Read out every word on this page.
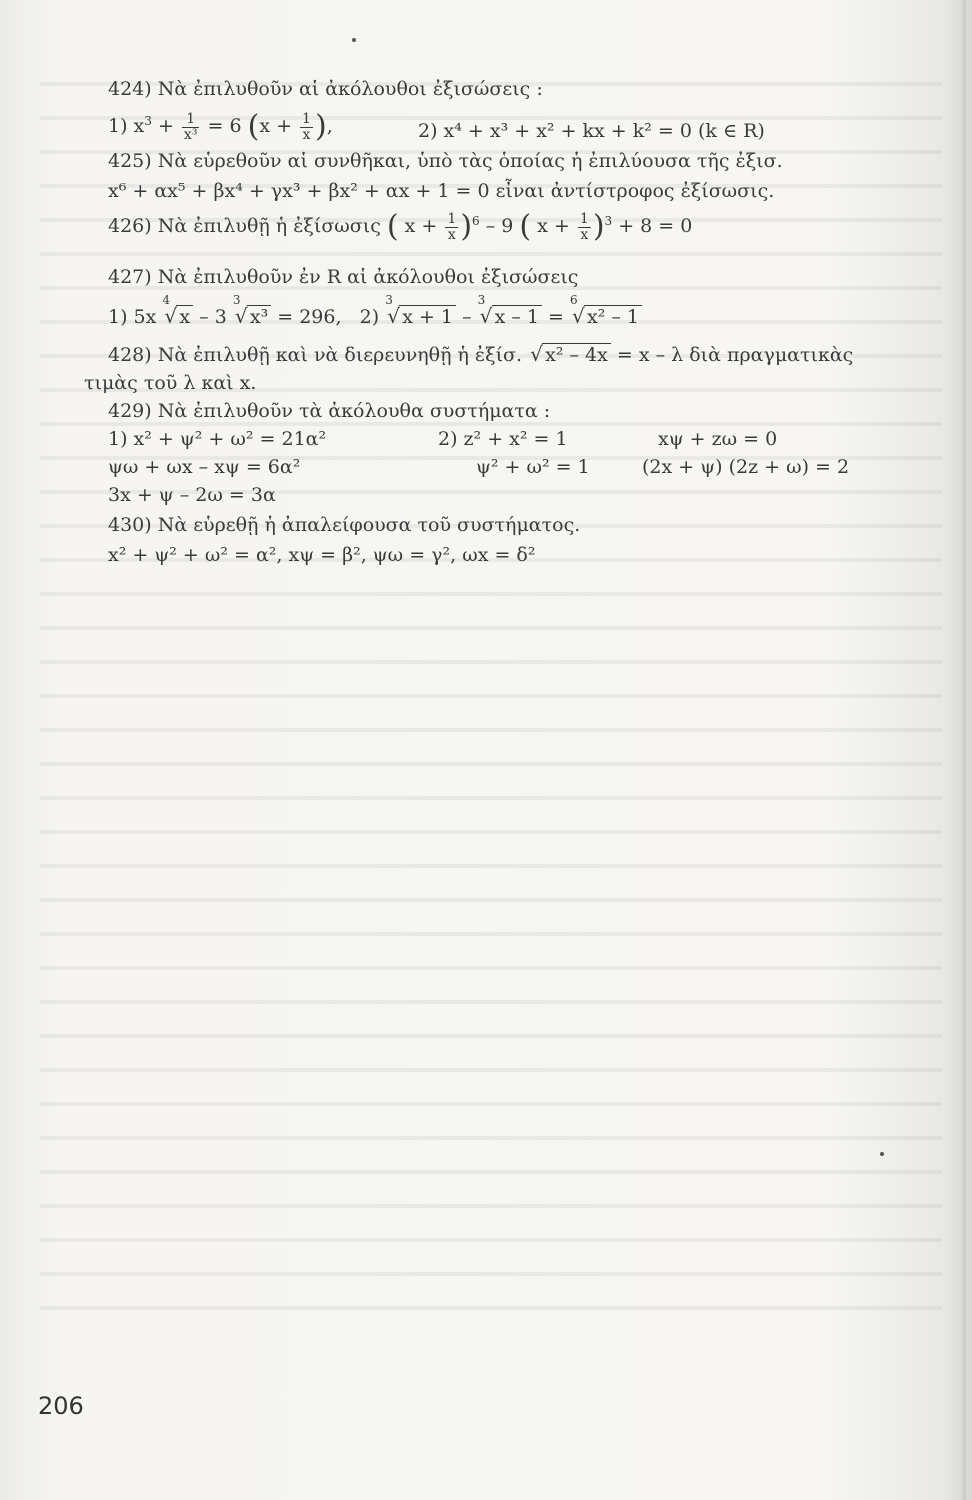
424) Νὰ ἐπιλυθοῦν αἱ ἀκόλουθοι ἐξισώσεις :
1) $x^3 + \frac{1}{\text{x³}} = 6$ ($x + \frac{1}{x}$ ),	2) x⁴ + x³ + x² + kx + k² = 0 (k ∈ R)
425) Νὰ εὑρεθοῦν αἱ συνθῆκαι, ὑπὸ τὰς ὁποίας ἡ ἐπιλύουσα τῆς ἐξισ.
x⁶ + αx⁵ + βx⁴ + γx³ + βx² + αx + 1 = 0 εἶναι ἀντίστροφος ἐξίσωσις.
426) Νὰ ἐπιλυθῇ ἡ ἐξίσωσις ( $x + \frac{1}{x} )^6 - 9$ ( $x + \frac{1}{x} )^3 + 8 = 0$
427) Νὰ ἐπιλυθοῦν ἐν R αἱ ἀκόλουθοι ἐξισώσεις
1) 5x
4
√ x – 3
3
√ x³ = 296, 2)
3
√ x + 1 –
3
√ x – 1 =
6
√ x² – 1
428) Νὰ ἐπιλυθῇ καὶ νὰ διερευνηθῇ ἡ ἐξίσ. √ x² – 4x = x – λ διὰ πραγματικὰς
τιμὰς τοῦ λ καὶ x.
429) Νὰ ἐπιλυθοῦν τὰ ἀκόλουθα συστήματα :
1) x² + ψ² + ω² = 21α²
ψω + ωx – xψ = 6α²
3x + ψ – 2ω = 3α
2) z² + x² = 1
ψ² + ω² = 1
xψ + zω = 0
(2x + ψ) (2z + ω) = 2
430) Νὰ εὑρεθῇ ἡ ἀπαλείφουσα τοῦ συστήματος.
x² + ψ² + ω² = α², xψ = β², ψω = γ², ωx = δ²
206
